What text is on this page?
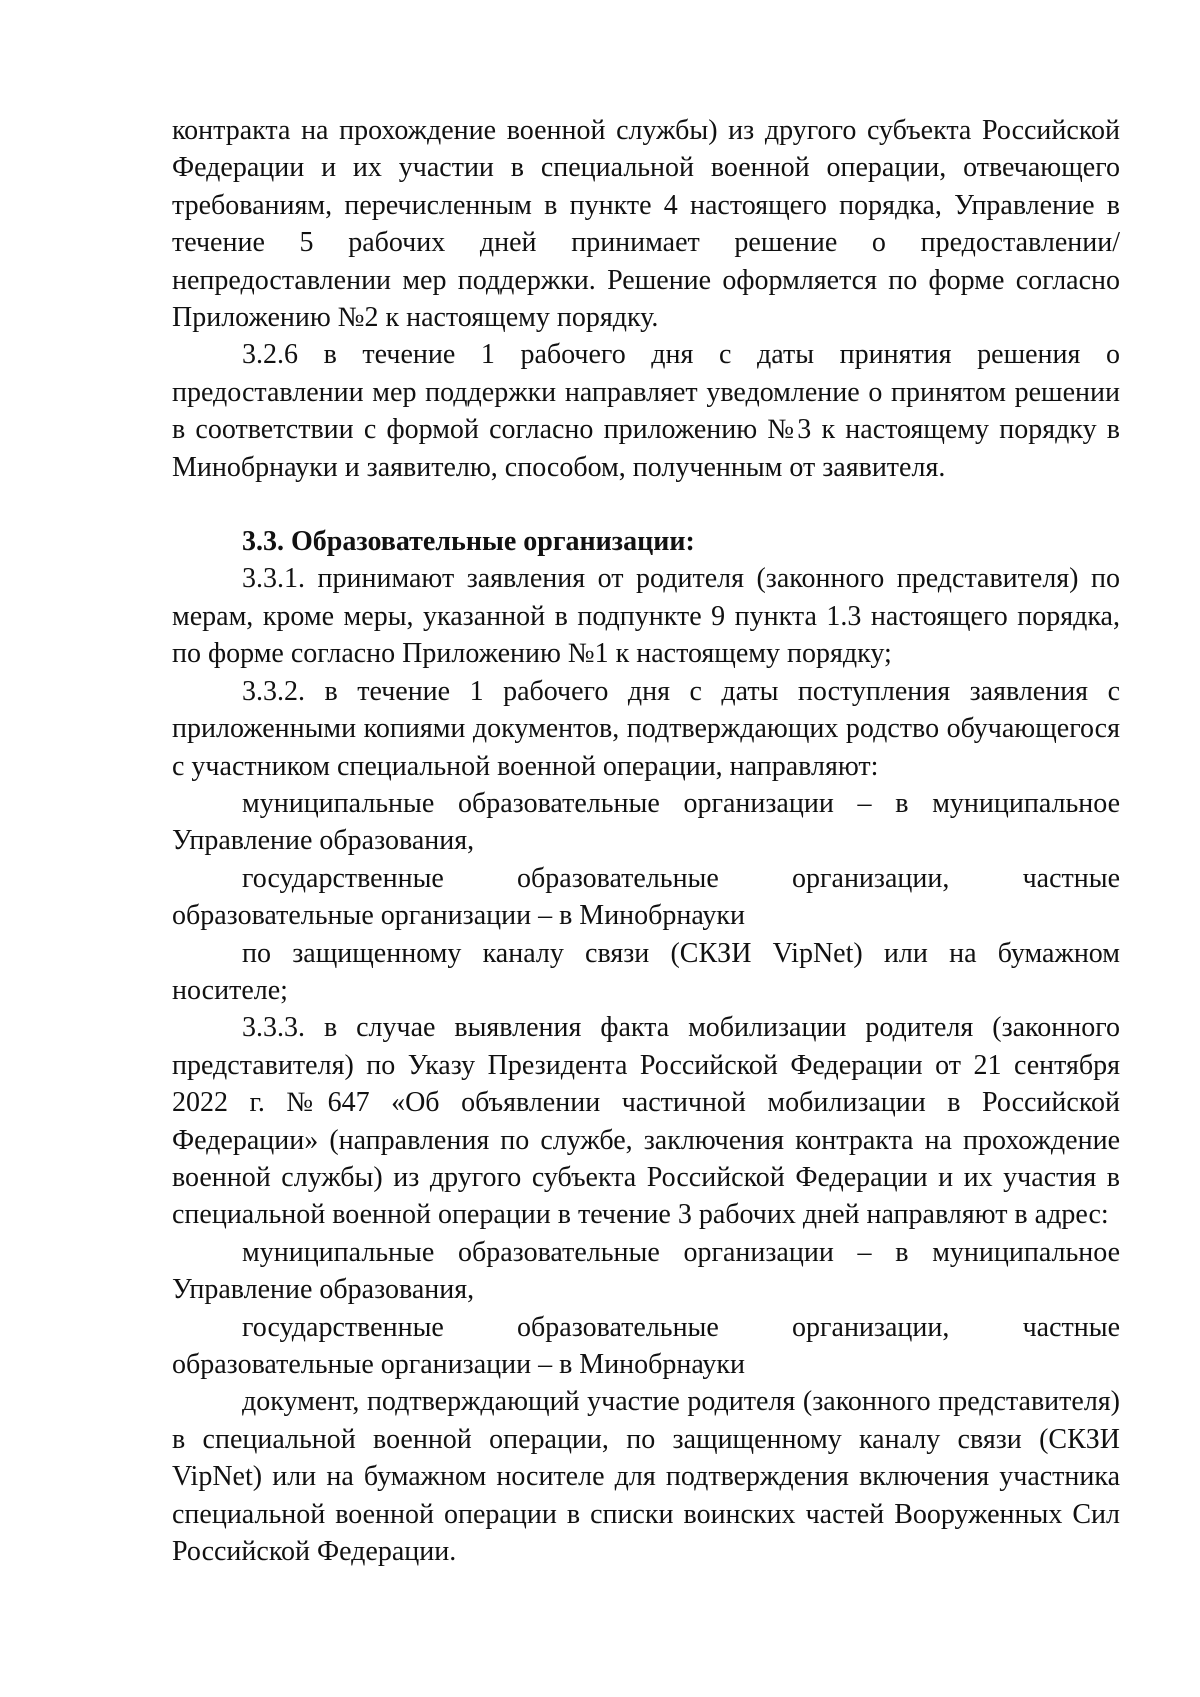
контракта на прохождение военной службы) из другого субъекта Российской Федерации и их участии в специальной военной операции, отвечающего требованиям, перечисленным в пункте 4 настоящего порядка, Управление в течение 5 рабочих дней принимает решение о предоставлении/ непредоставлении мер поддержки. Решение оформляется по форме согласно Приложению №2 к настоящему порядку.

3.2.6 в течение 1 рабочего дня с даты принятия решения о предоставлении мер поддержки направляет уведомление о принятом решении в соответствии с формой согласно приложению №3 к настоящему порядку в Минобрнауки и заявителю, способом, полученным от заявителя.

3.3. Образовательные организации:

3.3.1. принимают заявления от родителя (законного представителя) по мерам, кроме меры, указанной в подпункте 9 пункта 1.3 настоящего порядка, по форме согласно Приложению №1 к настоящему порядку;

3.3.2. в течение 1 рабочего дня с даты поступления заявления с приложенными копиями документов, подтверждающих родство обучающегося с участником специальной военной операции, направляют:

муниципальные образовательные организации – в муниципальное Управление образования,

государственные образовательные организации, частные образовательные организации – в Минобрнауки

по защищенному каналу связи (СКЗИ VipNet) или на бумажном носителе;

3.3.3. в случае выявления факта мобилизации родителя (законного представителя) по Указу Президента Российской Федерации от 21 сентября 2022 г. №647 «Об объявлении частичной мобилизации в Российской Федерации» (направления по службе, заключения контракта на прохождение военной службы) из другого субъекта Российской Федерации и их участия в специальной военной операции в течение 3 рабочих дней направляют в адрес:

муниципальные образовательные организации – в муниципальное Управление образования,

государственные образовательные организации, частные образовательные организации – в Минобрнауки

документ, подтверждающий участие родителя (законного представителя) в специальной военной операции, по защищенному каналу связи (СКЗИ VipNet) или на бумажном носителе для подтверждения включения участника специальной военной операции в списки воинских частей Вооруженных Сил Российской Федерации.
